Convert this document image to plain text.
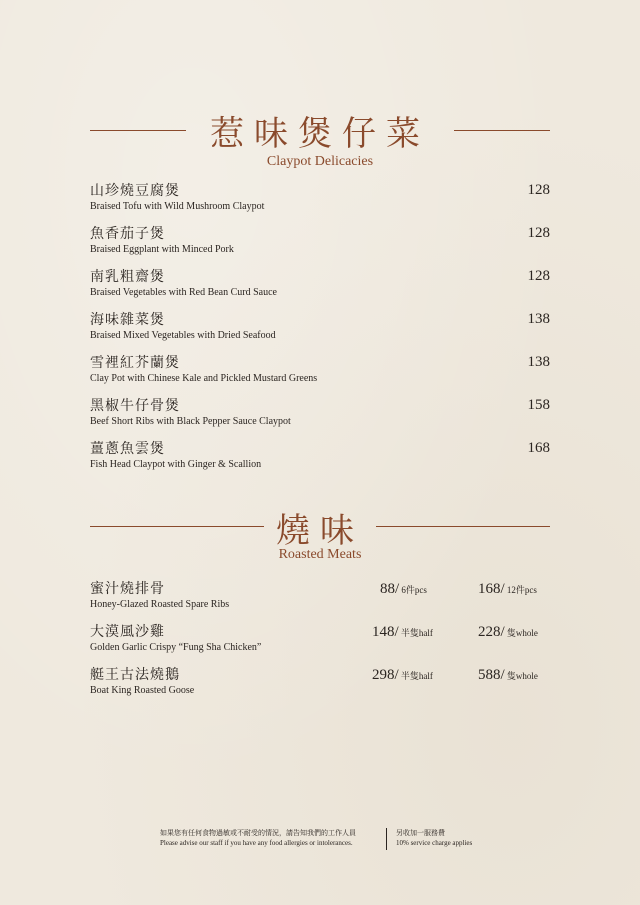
惹味煲仔菜
Claypot Delicacies
山珍燒豆腐煲
Braised Tofu with Wild Mushroom Claypot
128
魚香茄子煲
Braised Eggplant with Minced Pork
128
南乳粗齋煲
Braised Vegetables with Red Bean Curd Sauce
128
海味雜菜煲
Braised Mixed Vegetables with Dried Seafood
138
雪裡紅芥蘭煲
Clay Pot with Chinese Kale and Pickled Mustard Greens
138
黑椒牛仔骨煲
Beef Short Ribs with Black Pepper Sauce Claypot
158
薑蔥魚雲煲
Fish Head Claypot with Ginger & Scallion
168
燒味
Roasted Meats
蜜汁燒排骨
Honey-Glazed Roasted Spare Ribs
88/ 6件pcs	168/ 12件pcs
大漠風沙雞
Golden Garlic Crispy “Fung Sha Chicken”
148/ 半隻half	228/ 隻whole
艇王古法燒鵝
Boat King Roasted Goose
298/ 半隻half	588/ 隻whole
如果您有任何食物過敏或不耐受的情況，請告知我們的工作人員
Please advise our staff if you have any food allergies or intolerances.
另收加一服務費
10% service charge applies
